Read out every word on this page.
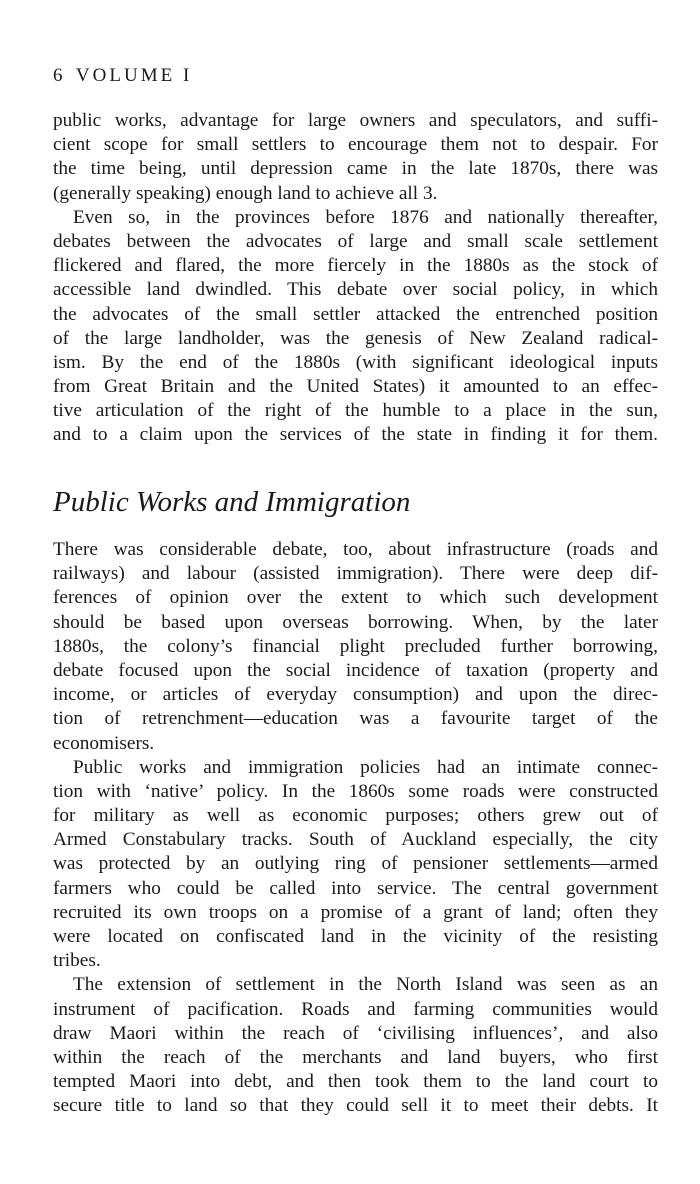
6 VOLUME I
public works, advantage for large owners and speculators, and suffi-
cient scope for small settlers to encourage them not to despair. For
the time being, until depression came in the late 1870s, there was
(generally speaking) enough land to achieve all 3.
Even so, in the provinces before 1876 and nationally thereafter,
debates between the advocates of large and small scale settlement
flickered and flared, the more fiercely in the 1880s as the stock of
accessible land dwindled. This debate over social policy, in which
the advocates of the small settler attacked the entrenched position
of the large landholder, was the genesis of New Zealand radical-
ism. By the end of the 1880s (with significant ideological inputs
from Great Britain and the United States) it amounted to an effec-
tive articulation of the right of the humble to a place in the sun,
and to a claim upon the services of the state in finding it for them.
Public Works and Immigration
There was considerable debate, too, about infrastructure (roads and
railways) and labour (assisted immigration). There were deep dif-
ferences of opinion over the extent to which such development
should be based upon overseas borrowing. When, by the later
1880s, the colony’s financial plight precluded further borrowing,
debate focused upon the social incidence of taxation (property and
income, or articles of everyday consumption) and upon the direc-
tion of retrenchment—education was a favourite target of the
economisers.
Public works and immigration policies had an intimate connec-
tion with ‘native’ policy. In the 1860s some roads were constructed
for military as well as economic purposes; others grew out of
Armed Constabulary tracks. South of Auckland especially, the city
was protected by an outlying ring of pensioner settlements—armed
farmers who could be called into service. The central government
recruited its own troops on a promise of a grant of land; often they
were located on confiscated land in the vicinity of the resisting
tribes.
The extension of settlement in the North Island was seen as an
instrument of pacification. Roads and farming communities would
draw Maori within the reach of ‘civilising influences’, and also
within the reach of the merchants and land buyers, who first
tempted Maori into debt, and then took them to the land court to
secure title to land so that they could sell it to meet their debts. It
